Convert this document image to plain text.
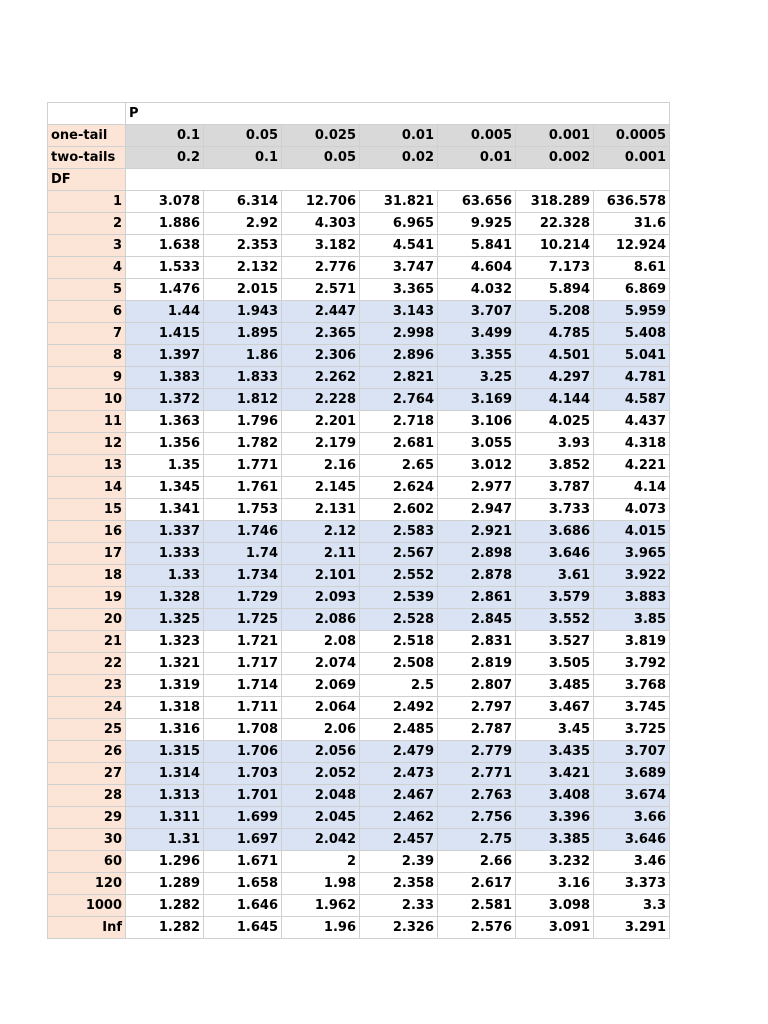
	P						
one-tail	0.1	0.05	0.025	0.01	0.005	0.001	0.0005
two-tails	0.2	0.1	0.05	0.02	0.01	0.002	0.001
DF							
1	3.078	6.314	12.706	31.821	63.656	318.289	636.578
2	1.886	2.92	4.303	6.965	9.925	22.328	31.6
3	1.638	2.353	3.182	4.541	5.841	10.214	12.924
4	1.533	2.132	2.776	3.747	4.604	7.173	8.61
5	1.476	2.015	2.571	3.365	4.032	5.894	6.869
6	1.44	1.943	2.447	3.143	3.707	5.208	5.959
7	1.415	1.895	2.365	2.998	3.499	4.785	5.408
8	1.397	1.86	2.306	2.896	3.355	4.501	5.041
9	1.383	1.833	2.262	2.821	3.25	4.297	4.781
10	1.372	1.812	2.228	2.764	3.169	4.144	4.587
11	1.363	1.796	2.201	2.718	3.106	4.025	4.437
12	1.356	1.782	2.179	2.681	3.055	3.93	4.318
13	1.35	1.771	2.16	2.65	3.012	3.852	4.221
14	1.345	1.761	2.145	2.624	2.977	3.787	4.14
15	1.341	1.753	2.131	2.602	2.947	3.733	4.073
16	1.337	1.746	2.12	2.583	2.921	3.686	4.015
17	1.333	1.74	2.11	2.567	2.898	3.646	3.965
18	1.33	1.734	2.101	2.552	2.878	3.61	3.922
19	1.328	1.729	2.093	2.539	2.861	3.579	3.883
20	1.325	1.725	2.086	2.528	2.845	3.552	3.85
21	1.323	1.721	2.08	2.518	2.831	3.527	3.819
22	1.321	1.717	2.074	2.508	2.819	3.505	3.792
23	1.319	1.714	2.069	2.5	2.807	3.485	3.768
24	1.318	1.711	2.064	2.492	2.797	3.467	3.745
25	1.316	1.708	2.06	2.485	2.787	3.45	3.725
26	1.315	1.706	2.056	2.479	2.779	3.435	3.707
27	1.314	1.703	2.052	2.473	2.771	3.421	3.689
28	1.313	1.701	2.048	2.467	2.763	3.408	3.674
29	1.311	1.699	2.045	2.462	2.756	3.396	3.66
30	1.31	1.697	2.042	2.457	2.75	3.385	3.646
60	1.296	1.671	2	2.39	2.66	3.232	3.46
120	1.289	1.658	1.98	2.358	2.617	3.16	3.373
1000	1.282	1.646	1.962	2.33	2.581	3.098	3.3
Inf	1.282	1.645	1.96	2.326	2.576	3.091	3.291
